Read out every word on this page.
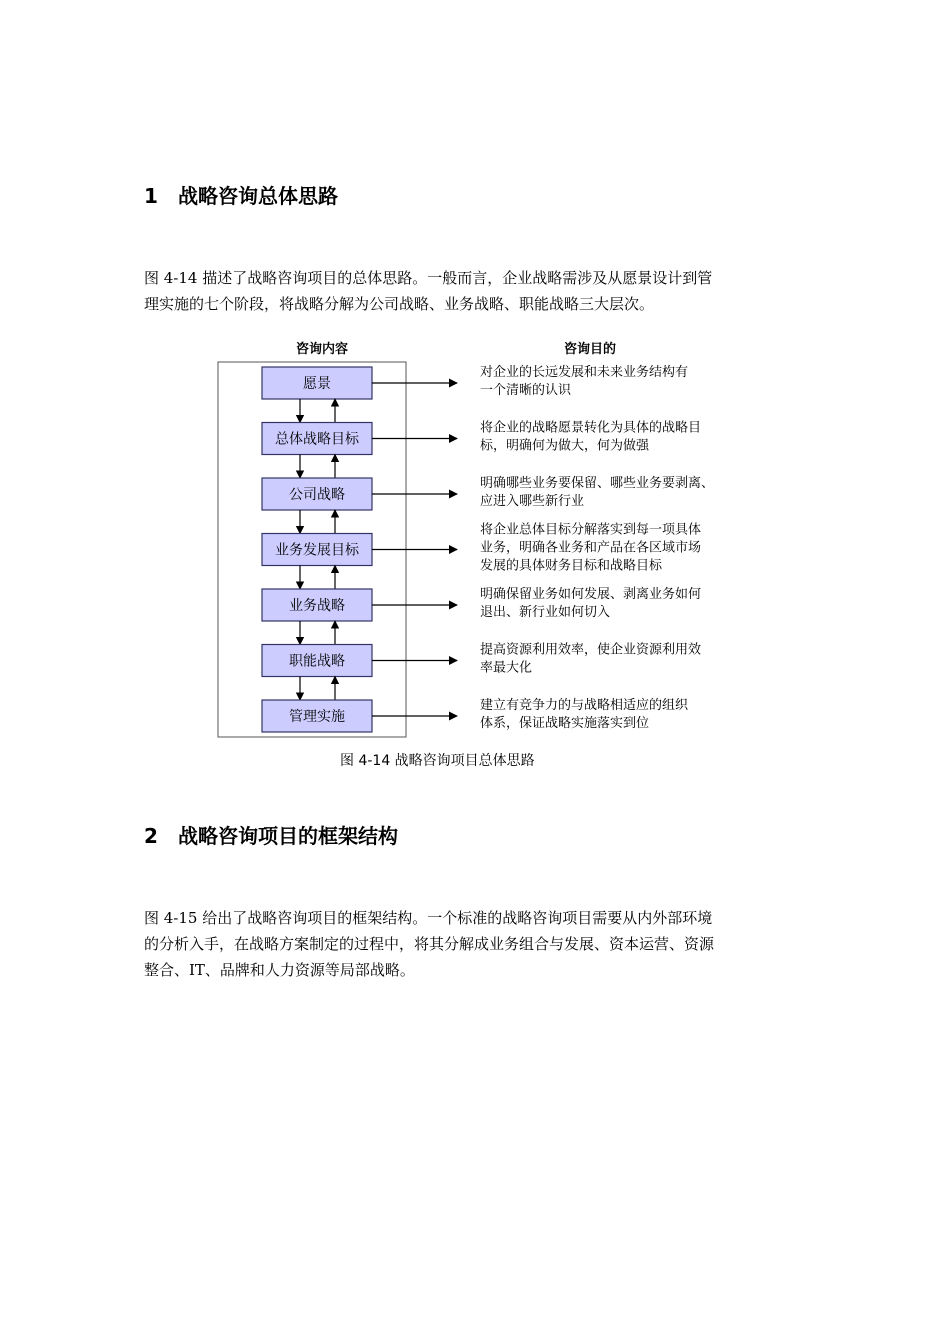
1 战略咨询总体思路

图 4-14 描述了战略咨询项目的总体思路。一般而言，企业战略需涉及从愿景设计到管
理实施的七个阶段，将战略分解为公司战略、业务战略、职能战略三大层次。

咨询内容	咨询目的
愿景
对企业的长远发展和未来业务结构有
一个清晰的认识
总体战略目标
将企业的战略愿景转化为具体的战略目
标，明确何为做大，何为做强
公司战略
明确哪些业务要保留、哪些业务要剥离、
应进入哪些新行业
业务发展目标
将企业总体目标分解落实到每一项具体
业务，明确各业务和产品在各区域市场
发展的具体财务目标和战略目标
业务战略
明确保留业务如何发展、剥离业务如何
退出、新行业如何切入
职能战略
提高资源利用效率，使企业资源利用效
率最大化
管理实施
建立有竞争力的与战略相适应的组织
体系，保证战略实施落实到位

图 4-14 战略咨询项目总体思路

2 战略咨询项目的框架结构

图 4-15 给出了战略咨询项目的框架结构。一个标准的战略咨询项目需要从内外部环境
的分析入手，在战略方案制定的过程中，将其分解成业务组合与发展、资本运营、资源
整合、IT、品牌和人力资源等局部战略。
